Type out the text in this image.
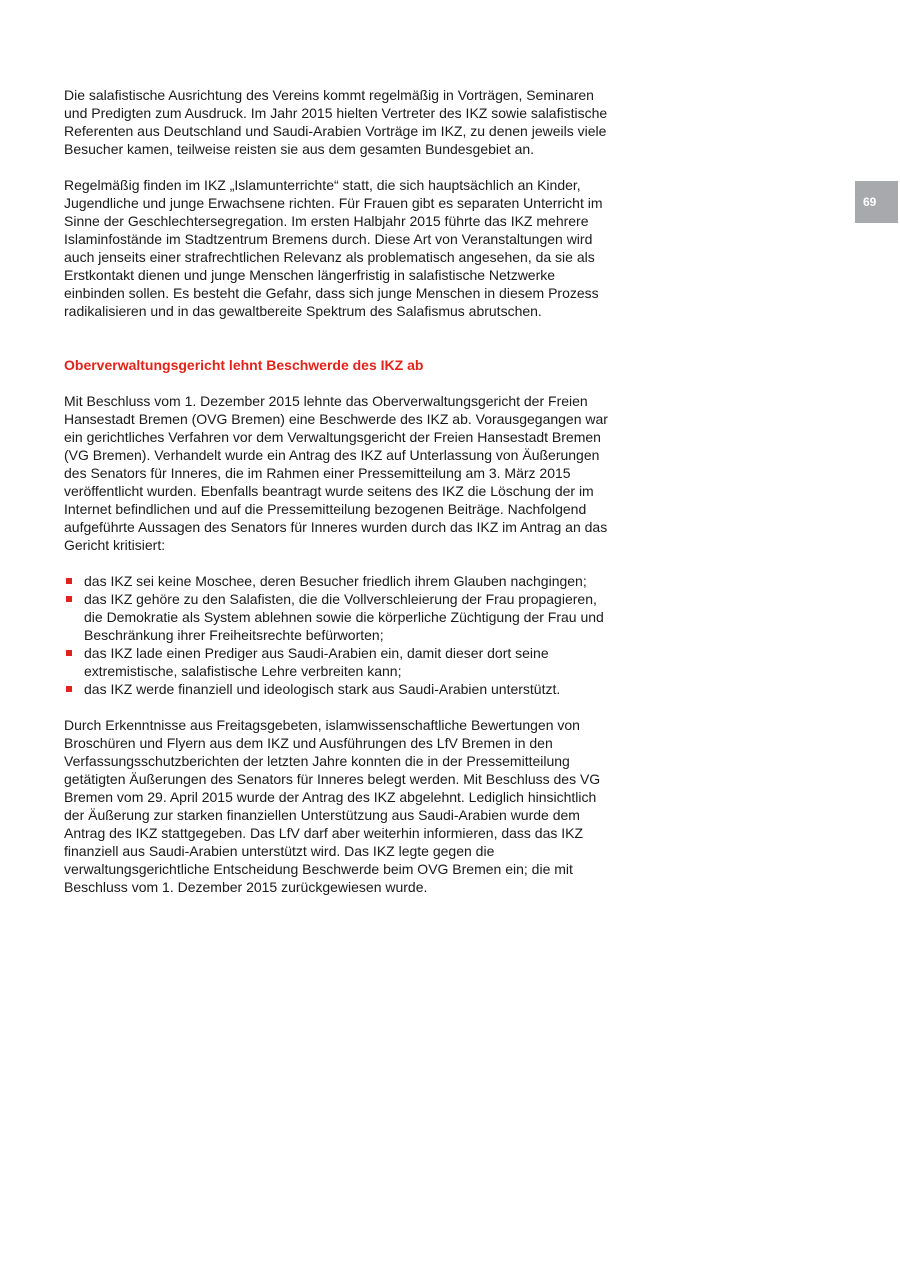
69

Die salafistische Ausrichtung des Vereins kommt regelmäßig in Vorträgen, Seminaren und Predigten zum Ausdruck. Im Jahr 2015 hielten Vertreter des IKZ sowie salafistische Referenten aus Deutschland und Saudi-Arabien Vorträge im IKZ, zu denen jeweils viele Besucher kamen, teilweise reisten sie aus dem gesamten Bundesgebiet an.

Regelmäßig finden im IKZ „Islamunterrichte“ statt, die sich hauptsächlich an Kinder, Jugendliche und junge Erwachsene richten. Für Frauen gibt es separaten Unterricht im Sinne der Geschlechtersegregation. Im ersten Halbjahr 2015 führte das IKZ mehrere Islaminfostände im Stadtzentrum Bremens durch. Diese Art von Veranstaltungen wird auch jenseits einer strafrechtlichen Relevanz als problematisch angesehen, da sie als Erstkontakt dienen und junge Menschen längerfristig in salafistische Netzwerke einbinden sollen. Es besteht die Gefahr, dass sich junge Menschen in diesem Prozess radikalisieren und in das gewaltbereite Spektrum des Salafismus abrutschen.

Oberverwaltungsgericht lehnt Beschwerde des IKZ ab

Mit Beschluss vom 1. Dezember 2015 lehnte das Oberverwaltungsgericht der Freien Hansestadt Bremen (OVG Bremen) eine Beschwerde des IKZ ab. Vorausgegangen war ein gerichtliches Verfahren vor dem Verwaltungsgericht der Freien Hansestadt Bremen (VG Bremen). Verhandelt wurde ein Antrag des IKZ auf Unterlassung von Äußerungen des Senators für Inneres, die im Rahmen einer Pressemitteilung am 3. März 2015 veröffentlicht wurden. Ebenfalls beantragt wurde seitens des IKZ die Löschung der im Internet befindlichen und auf die Pressemitteilung bezogenen Beiträge. Nachfolgend aufgeführte Aussagen des Senators für Inneres wurden durch das IKZ im Antrag an das Gericht kritisiert:

das IKZ sei keine Moschee, deren Besucher friedlich ihrem Glauben nachgingen;
das IKZ gehöre zu den Salafisten, die die Vollverschleierung der Frau propagieren, die Demokratie als System ablehnen sowie die körperliche Züchtigung der Frau und Beschränkung ihrer Freiheitsrechte befürworten;
das IKZ lade einen Prediger aus Saudi-Arabien ein, damit dieser dort seine extremistische, salafistische Lehre verbreiten kann;
das IKZ werde finanziell und ideologisch stark aus Saudi-Arabien unterstützt.

Durch Erkenntnisse aus Freitagsgebeten, islamwissenschaftliche Bewertungen von Broschüren und Flyern aus dem IKZ und Ausführungen des LfV Bremen in den Verfassungsschutzberichten der letzten Jahre konnten die in der Pressemitteilung getätigten Äußerungen des Senators für Inneres belegt werden. Mit Beschluss des VG Bremen vom 29. April 2015 wurde der Antrag des IKZ abgelehnt. Lediglich hinsichtlich der Äußerung zur starken finanziellen Unterstützung aus Saudi-Arabien wurde dem Antrag des IKZ stattgegeben. Das LfV darf aber weiterhin informieren, dass das IKZ finanziell aus Saudi-Arabien unterstützt wird. Das IKZ legte gegen die verwaltungsgerichtliche Entscheidung Beschwerde beim OVG Bremen ein; die mit Beschluss vom 1. Dezember 2015 zurückgewiesen wurde.
